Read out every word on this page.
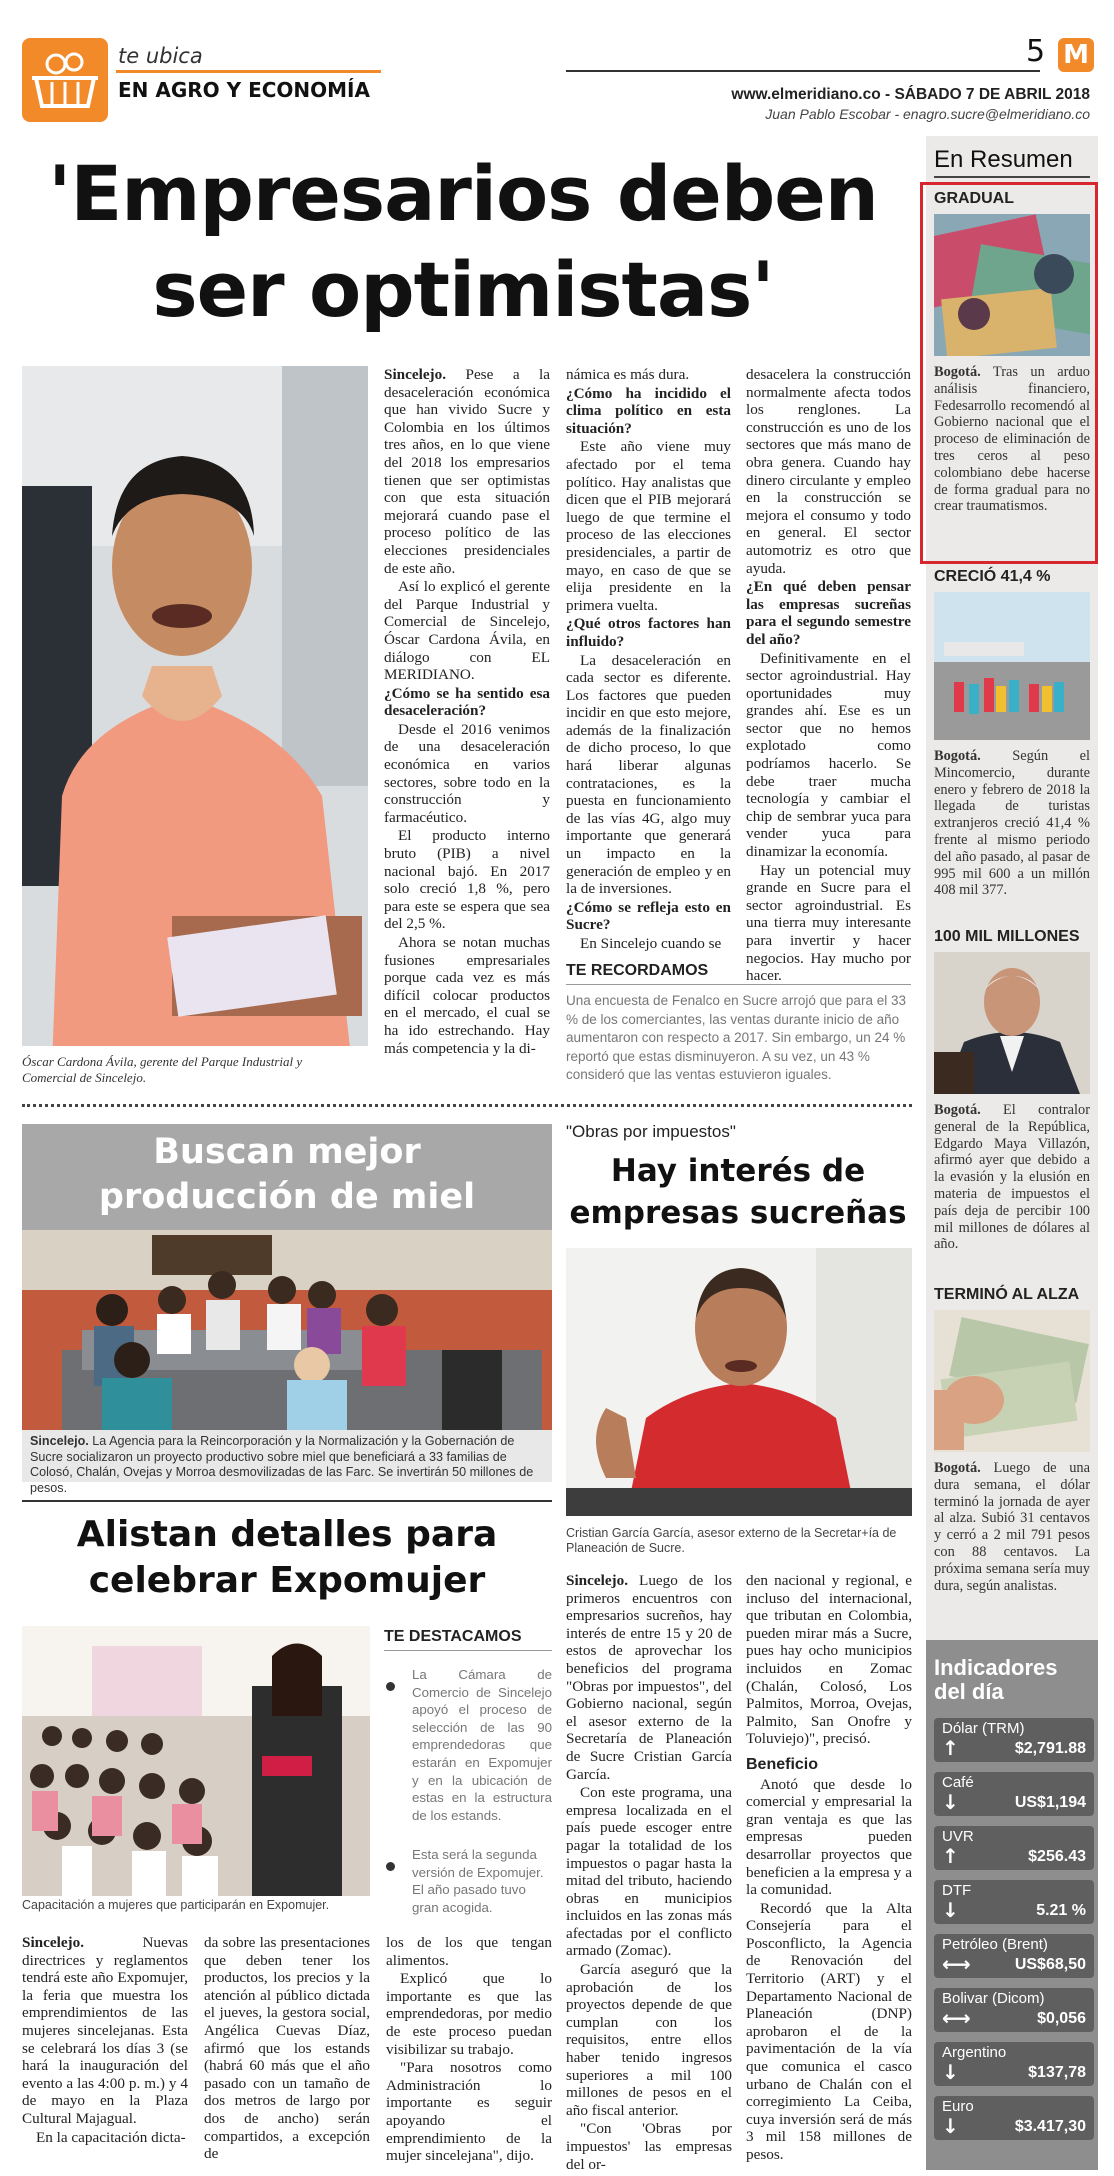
te ubica
EN AGRO Y ECONOMÍA
5 M
www.elmeridiano.co - SÁBADO 7 DE ABRIL 2018
Juan Pablo Escobar - enagro.sucre@elmeridiano.co
'Empresarios deben
ser optimistas'
Óscar Cardona Ávila, gerente del Parque Industrial y Comercial de Sincelejo.

Sincelejo. Pese a la desaceleración económica que han vivido Sucre y Colombia en los últimos tres años, en lo que viene del 2018 los empresarios tienen que ser optimistas con que esta situación mejorará cuando pase el proceso político de las elecciones presidenciales de este año.

Así lo explicó el gerente del Parque Industrial y Comercial de Sincelejo, Óscar Cardona Ávila, en diálogo con EL MERIDIANO.

¿Cómo se ha sentido esa desaceleración?

Desde el 2016 venimos de una desaceleración económica en varios sectores, sobre todo en la construcción y farmacéutico.

El producto interno bruto (PIB) a nivel nacional bajó. En 2017 solo creció 1,8 %, pero para este se espera que sea del 2,5 %.

Ahora se notan muchas fusiones empresariales porque cada vez es más difícil colocar productos en el mercado, el cual se ha ido estrechando. Hay más competencia y la di-

námica es más dura.

¿Cómo ha incidido el clima político en esta situación?

Este año viene muy afectado por el tema político. Hay analistas que dicen que el PIB mejorará luego de que termine el proceso de las elecciones presidenciales, a partir de mayo, en caso de que se elija presidente en la primera vuelta.

¿Qué otros factores han influido?

La desaceleración en cada sector es diferente. Los factores que pueden incidir en que esto mejore, además de la finalización de dicho proceso, lo que hará liberar algunas contrataciones, es la puesta en funcionamiento de las vías 4G, algo muy importante que generará un impacto en la generación de empleo y en la de inversiones.

¿Cómo se refleja esto en Sucre?

En Sincelejo cuando se

desacelera la construcción normalmente afecta todos los renglones. La construcción es uno de los sectores que más mano de obra genera. Cuando hay dinero circulante y empleo en la construcción se mejora el consumo y todo en general. El sector automotriz es otro que ayuda.

¿En qué deben pensar las empresas sucreñas para el segundo semestre del año?

Definitivamente en el sector agroindustrial. Hay oportunidades muy grandes ahí. Ese es un sector que no hemos explotado como podríamos hacerlo. Se debe traer mucha tecnología y cambiar el chip de sembrar yuca para vender yuca para dinamizar la economía.

Hay un potencial muy grande en Sucre para el sector agroindustrial. Es una tierra muy interesante para invertir y hacer negocios. Hay mucho por hacer.

TE RECORDAMOS
Una encuesta de Fenalco en Sucre arrojó que para el 33 % de los comerciantes, las ventas durante inicio de año aumentaron con respecto a 2017. Sin embargo, un 24 % reportó que estas disminuyeron. A su vez, un 43 % consideró que las ventas estuvieron iguales.
Buscan mejor
producción de miel
Sincelejo. La Agencia para la Reincorporación y la Normalización y la Gobernación de Sucre socializaron un proyecto productivo sobre miel que beneficiará a 33 familias de Colosó, Chalán, Ovejas y Morroa desmovilizadas de las Farc. Se invertirán 50 millones de pesos.
Alistan detalles para
celebrar Expomujer
Capacitación a mujeres que participarán en Expomujer.
TE DESTACAMOS
La Cámara de Comercio de Sincelejo apoyó el proceso de selección de las 90 emprendedoras que estarán en Expomujer y en la ubicación de estas en la estructura de los estands.
Esta será la segunda versión de Expomujer. El año pasado tuvo gran acogida.

Sincelejo. Nuevas directrices y reglamentos tendrá este año Expomujer, la feria que muestra los emprendimientos de las mujeres sincelejanas. Esta se celebrará los días 3 (se hará la inauguración del evento a las 4:00 p. m.) y 4 de mayo en la Plaza Cultural Majagual.

En la capacitación dicta-

da sobre las presentaciones que deben tener los productos, los precios y la atención al público dictada el jueves, la gestora social, Angélica Cuevas Díaz, afirmó que los estands (habrá 60 más que el año pasado con un tamaño de dos metros de largo por dos de ancho) serán compartidos, a excepción de

los de los que tengan alimentos.

Explicó que lo importante es que las emprendedoras, por medio de este proceso puedan visibilizar su trabajo.

"Para nosotros como Administración lo importante es seguir apoyando el emprendimiento de la mujer sincelejana", dijo.

"Obras por impuestos"
Hay interés de
empresas sucreñas
Cristian García García, asesor externo de la Secretar+ía de Planeación de Sucre.

Sincelejo. Luego de los primeros encuentros con empresarios sucreños, hay interés de entre 15 y 20 de estos de aprovechar los beneficios del programa "Obras por impuestos", del Gobierno nacional, según el asesor externo de la Secretaría de Planeación de Sucre Cristian García García.

Con este programa, una empresa localizada en el país puede escoger entre pagar la totalidad de los impuestos o pagar hasta la mitad del tributo, haciendo obras en municipios incluidos en las zonas más afectadas por el conflicto armado (Zomac).

García aseguró que la aprobación de los proyectos depende de que cumplan con los requisitos, entre ellos haber tenido ingresos superiores a mil 100 millones de pesos en el año fiscal anterior.

"Con 'Obras por impuestos' las empresas del or-

den nacional y regional, e incluso del internacional, que tributan en Colombia, pueden mirar más a Sucre, pues hay ocho municipios incluidos en Zomac (Chalán, Colosó, Los Palmitos, Morroa, Ovejas, Palmito, San Onofre y Toluviejo)", precisó.

Beneficio

Anotó que desde lo comercial y empresarial la gran ventaja es que las empresas pueden desarrollar proyectos que beneficien a la empresa y a la comunidad.

Recordó que la Alta Consejería para el Posconflicto, la Agencia de Renovación del Territorio (ART) y el Departamento Nacional de Planeación (DNP) aprobaron el de la pavimentación de la vía que comunica el casco urbano de Chalán con el corregimiento La Ceiba, cuya inversión será de más 3 mil 158 millones de pesos.

En Resumen
GRADUAL
Bogotá. Tras un arduo análisis financiero, Fedesarrollo recomendó al Gobierno nacional que el proceso de eliminación de tres ceros al peso colombiano debe hacerse de forma gradual para no crear traumatismos.
CRECIÓ 41,4 %
Bogotá. Según el Mincomercio, durante enero y febrero de 2018 la llegada de turistas extranjeros creció 41,4 % frente al mismo periodo del año pasado, al pasar de 995 mil 600 a un millón 408 mil 377.
100 MIL MILLONES
Bogotá. El contralor general de la República, Edgardo Maya Villazón, afirmó ayer que debido a la evasión y la elusión en materia de impuestos el país deja de percibir 100 mil millones de dólares al año.
TERMINÓ AL ALZA
Bogotá. Luego de una dura semana, el dólar terminó la jornada de ayer al alza. Subió 31 centavos y cerró a 2 mil 791 pesos con 88 centavos. La próxima semana sería muy dura, según analistas.
Indicadores
del día
Dólar (TRM)
↑	$2,791.88
Café
↓	US$1,194
UVR
↑	$256.43
DTF
↓	5.21 %
Petróleo (Brent)
⟷	US$68,50
Bolivar (Dicom)
⟷	$0,056
Argentino
↓	$137,78
Euro
↓	$3.417,30
